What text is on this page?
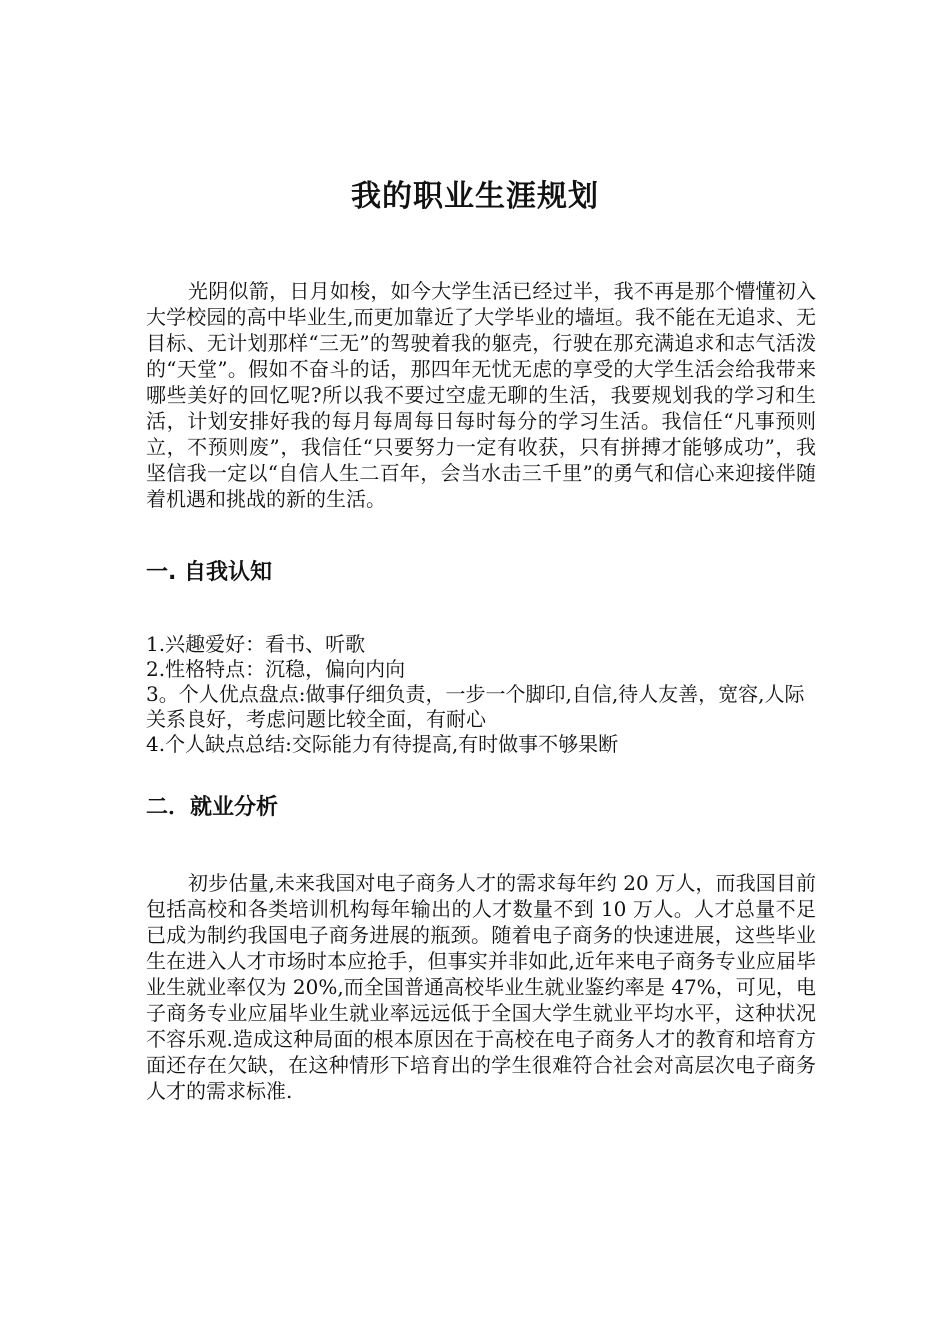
我的职业生涯规划

光阴似箭，日月如梭，如今大学生活已经过半，我不再是那个懵懂初入大学校园的高中毕业生,而更加靠近了大学毕业的墙垣。我不能在无追求、无目标、无计划那样“三无”的驾驶着我的躯壳，行驶在那充满追求和志气活泼的“天堂”。假如不奋斗的话，那四年无忧无虑的享受的大学生活会给我带来哪些美好的回忆呢?所以我不要过空虚无聊的生活，我要规划我的学习和生活，计划安排好我的每月每周每日每时每分的学习生活。我信任“凡事预则立，不预则废”，我信任“只要努力一定有收获，只有拼搏才能够成功”，我坚信我一定以“自信人生二百年，会当水击三千里”的勇气和信心来迎接伴随着机遇和挑战的新的生活。

一. 自我认知
1.兴趣爱好：看书、听歌
2.性格特点：沉稳，偏向内向
3。个人优点盘点:做事仔细负责，一步一个脚印,自信,待人友善，宽容,人际关系良好，考虑问题比较全面，有耐心
4.个人缺点总结:交际能力有待提高,有时做事不够果断
二．就业分析

初步估量,未来我国对电子商务人才的需求每年约 20 万人，而我国目前包括高校和各类培训机构每年输出的人才数量不到 10 万人。人才总量不足已成为制约我国电子商务进展的瓶颈。随着电子商务的快速进展，这些毕业生在进入人才市场时本应抢手，但事实并非如此,近年来电子商务专业应届毕业生就业率仅为 20%,而全国普通高校毕业生就业鉴约率是 47%，可见，电子商务专业应届毕业生就业率远远低于全国大学生就业平均水平，这种状况不容乐观.造成这种局面的根本原因在于高校在电子商务人才的教育和培育方面还存在欠缺，在这种情形下培育出的学生很难符合社会对高层次电子商务人才的需求标准.
